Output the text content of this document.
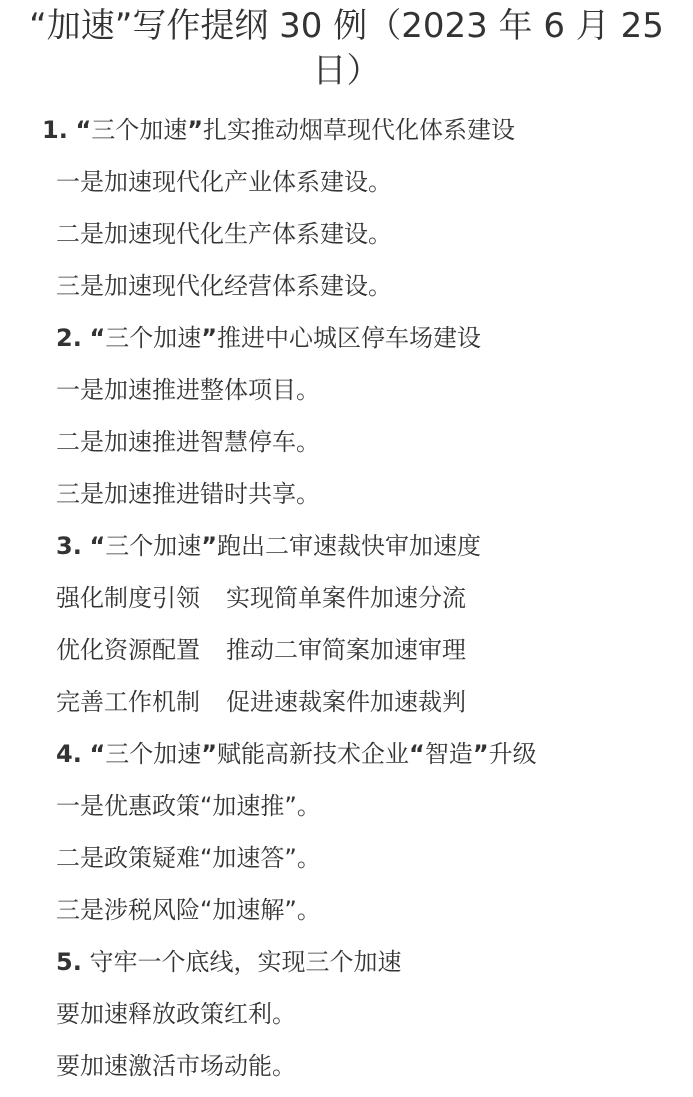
“加速”写作提纲 30 例（2023 年 6 月 25 日）
1. “三个加速”扎实推动烟草现代化体系建设
一是加速现代化产业体系建设。
二是加速现代化生产体系建设。
三是加速现代化经营体系建设。
2. “三个加速”推进中心城区停车场建设
一是加速推进整体项目。
二是加速推进智慧停车。
三是加速推进错时共享。
3. “三个加速”跑出二审速裁快审加速度
强化制度引领 实现简单案件加速分流
优化资源配置 推动二审简案加速审理
完善工作机制 促进速裁案件加速裁判
4. “三个加速”赋能高新技术企业“智造”升级
一是优惠政策“加速推”。
二是政策疑难“加速答”。
三是涉税风险“加速解”。
5. 守牢一个底线，实现三个加速
要加速释放政策红利。
要加速激活市场动能。
